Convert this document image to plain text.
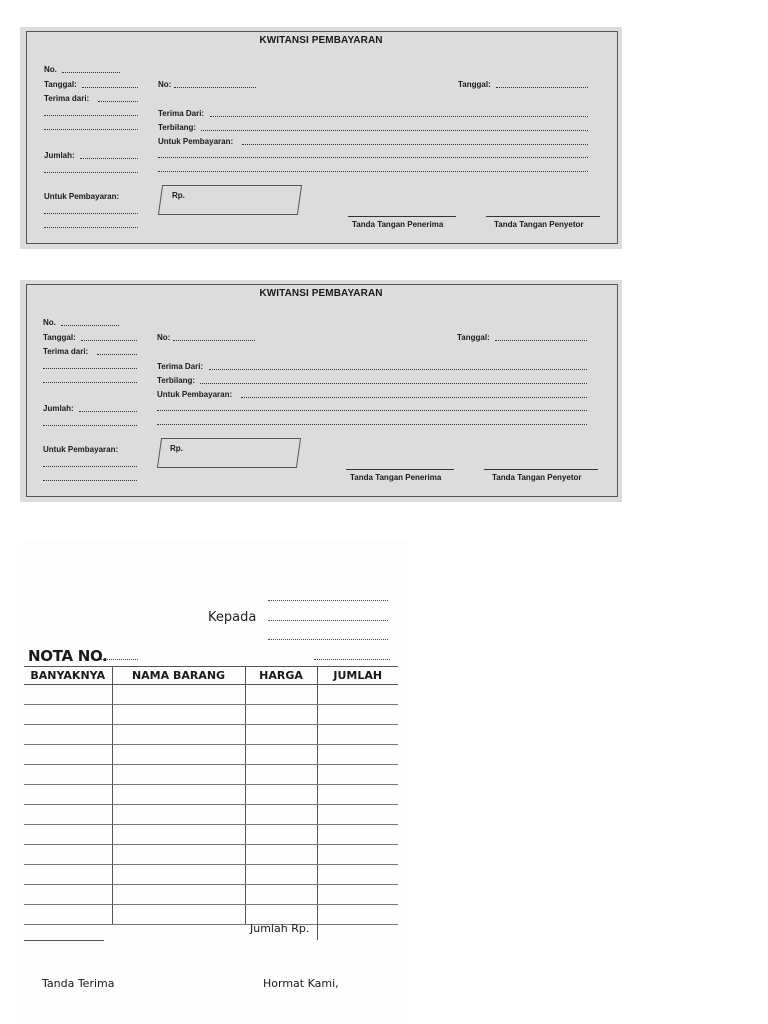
KWITANSI PEMBAYARAN
No.
Tanggal:
Terima dari:
Jumlah:
Untuk Pembayaran:
No:	Tanggal:
Terima Dari:
Terbilang:
Untuk Pembayaran:
Rp.
Tanda Tangan Penerima	Tanda Tangan Penyetor
KWITANSI PEMBAYARAN
No.
Tanggal:
Terima dari:
Jumlah:
Untuk Pembayaran:
No:	Tanggal:
Terima Dari:
Terbilang:
Untuk Pembayaran:
Rp.
Tanda Tangan Penerima	Tanda Tangan Penyetor
Kepada
NOTA NO.
BANYAKNYA	NAMA BARANG	HARGA	JUMLAH

Jumlah Rp.
Tanda Terima	Hormat Kami,
